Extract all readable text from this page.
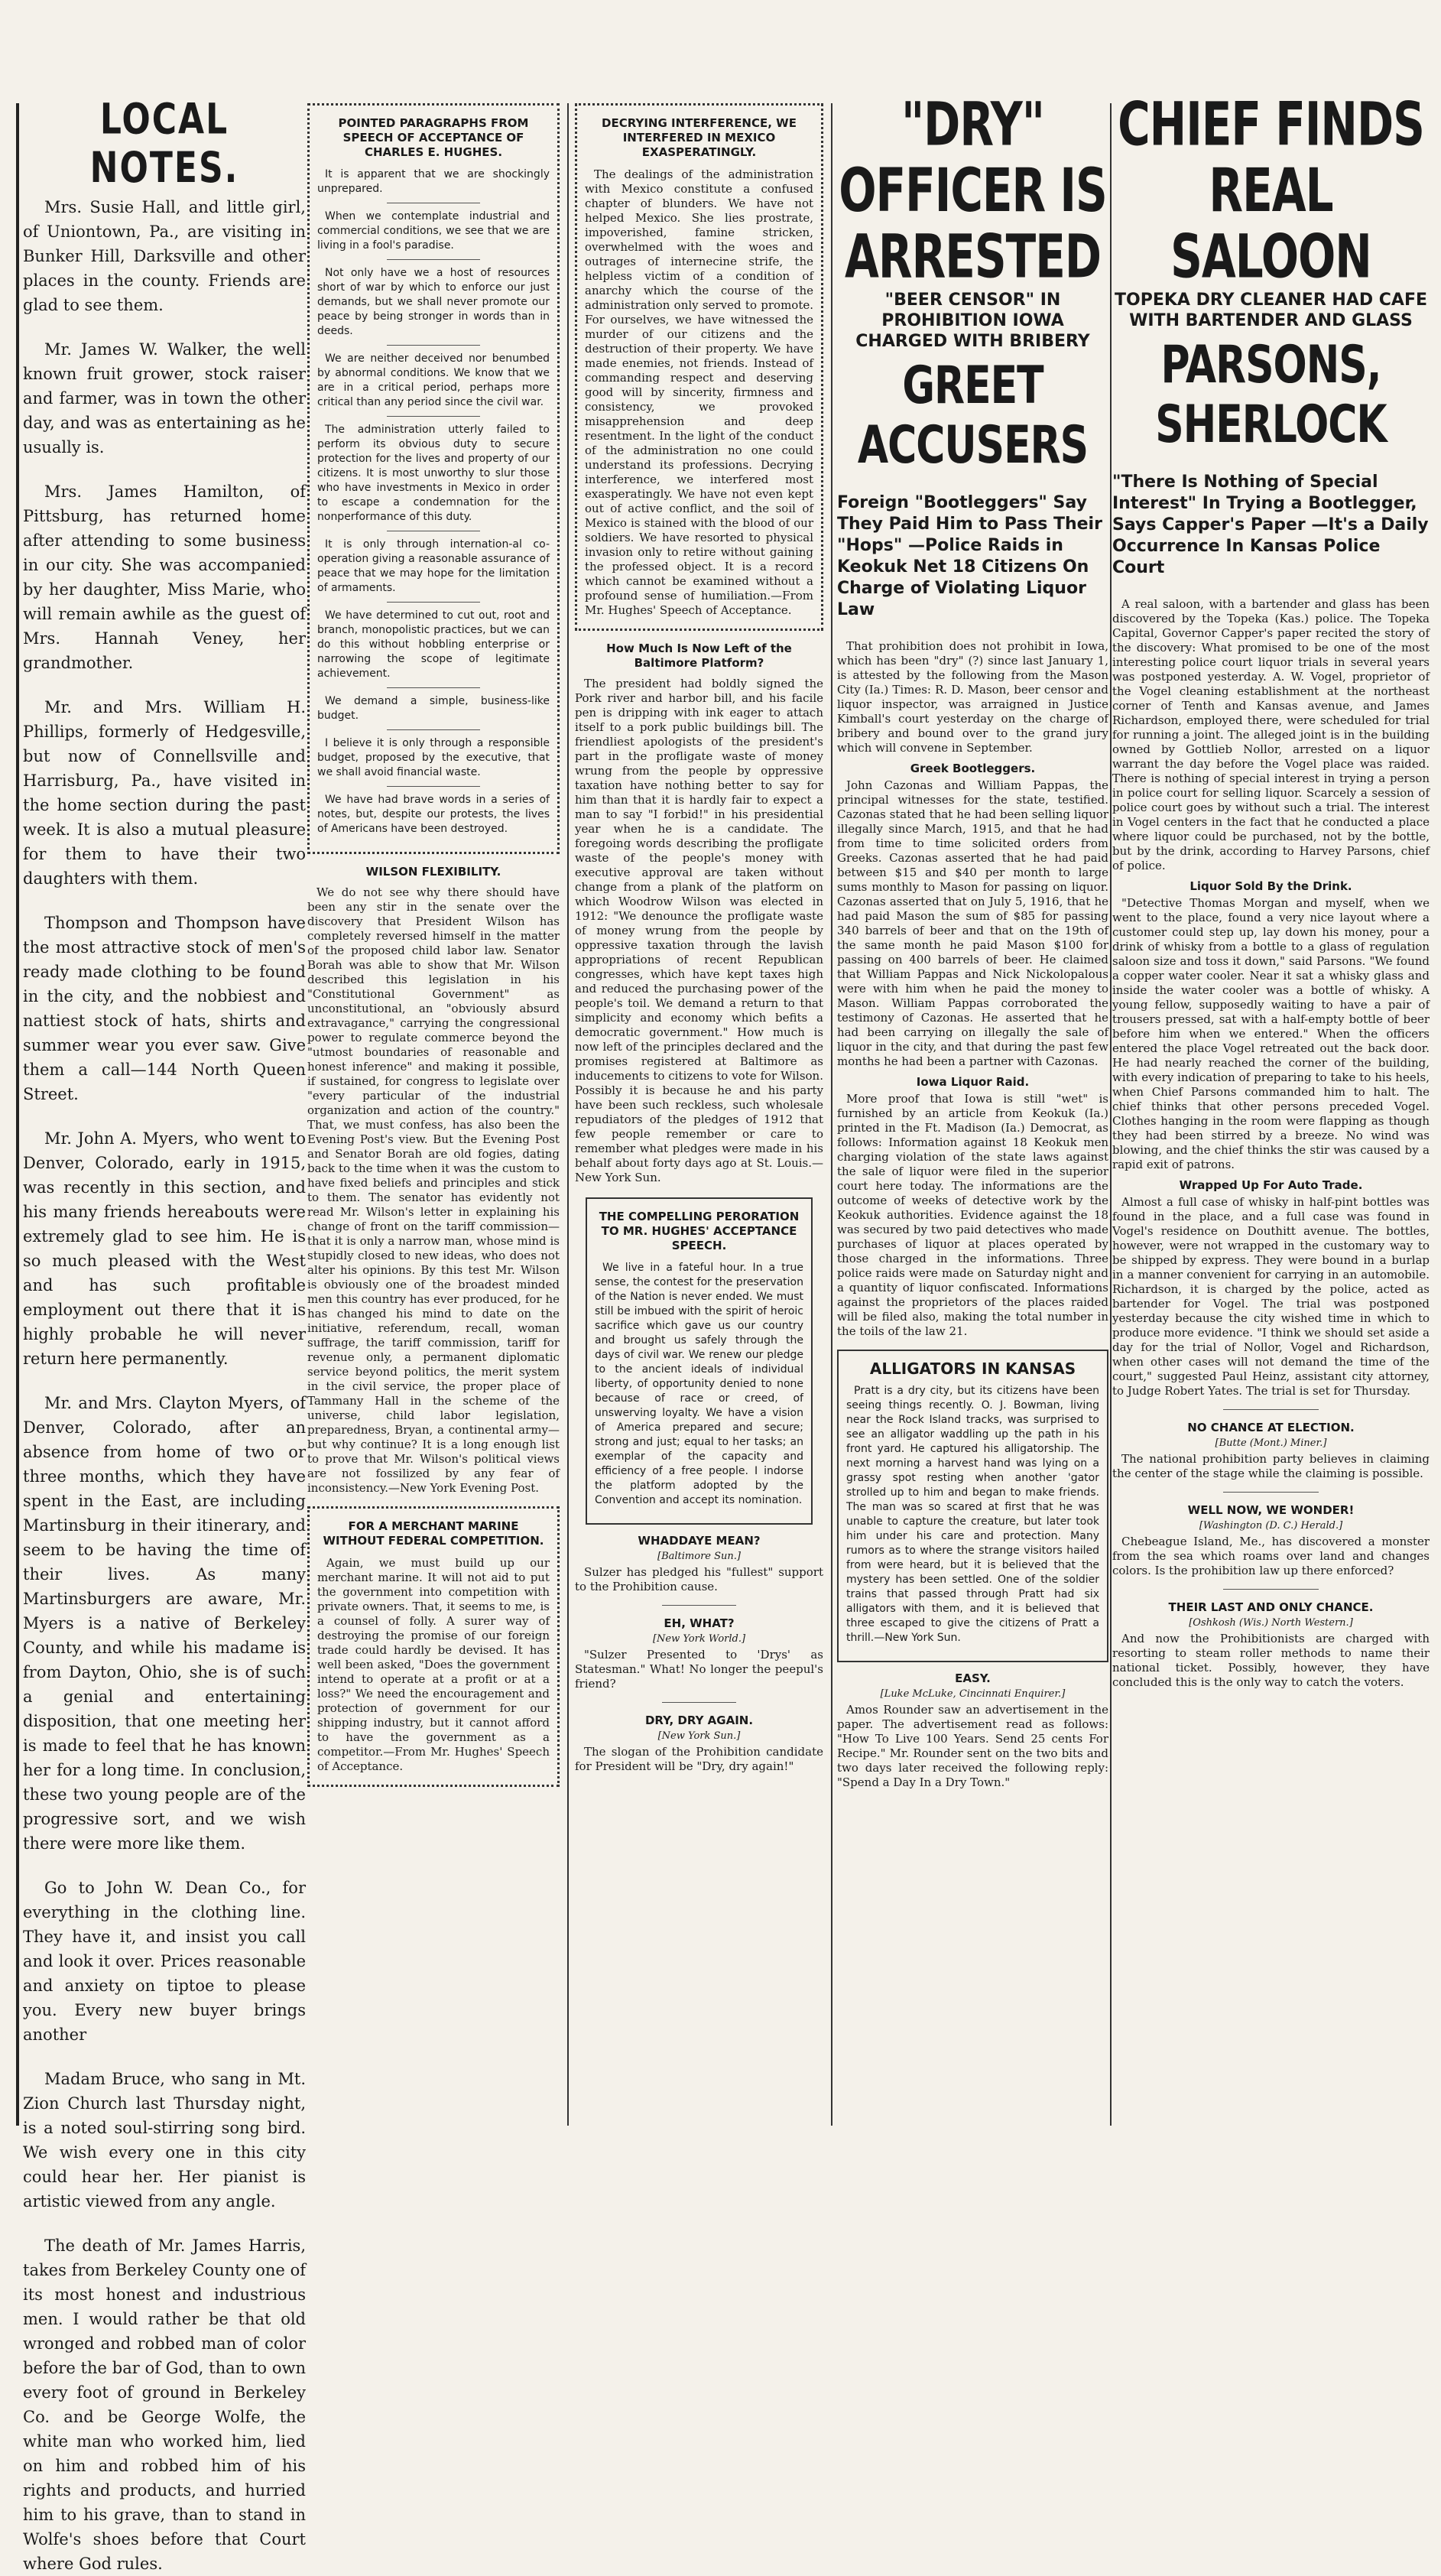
LOCAL NOTES.

Mrs. Susie Hall, and little girl, of Uniontown, Pa., are visiting in Bunker Hill, Darksville and other places in the county. Friends are glad to see them.

Mr. James W. Walker, the well known fruit grower, stock raiser and farmer, was in town the other day, and was as entertaining as he usually is.

Mrs. James Hamilton, of Pittsburg, has returned home after attending to some business in our city. She was accompanied by her daughter, Miss Marie, who will remain awhile as the guest of Mrs. Hannah Veney, her grandmother.

Mr. and Mrs. William H. Phillips, formerly of Hedgesville, but now of Connellsville and Harrisburg, Pa., have visited in the home section during the past week. It is also a mutual pleasure for them to have their two daughters with them.

Thompson and Thompson have the most attractive stock of men's ready made clothing to be found in the city, and the nobbiest and nattiest stock of hats, shirts and summer wear you ever saw. Give them a call—144 North Queen Street.

Mr. John A. Myers, who went to Denver, Colorado, early in 1915, was recently in this section, and his many friends hereabouts were extremely glad to see him. He is so much pleased with the West and has such profitable employment out there that it is highly probable he will never return here permanently.

Mr. and Mrs. Clayton Myers, of Denver, Colorado, after an absence from home of two or three months, which they have spent in the East, are including Martinsburg in their itinerary, and seem to be having the time of their lives. As many Martinsburgers are aware, Mr. Myers is a native of Berkeley County, and while his madame is from Dayton, Ohio, she is of such a genial and entertaining disposition, that one meeting her is made to feel that he has known her for a long time. In conclusion, these two young people are of the progressive sort, and we wish there were more like them.

Go to John W. Dean Co., for everything in the clothing line. They have it, and insist you call and look it over. Prices reasonable and anxiety on tiptoe to please you. Every new buyer brings another

Madam Bruce, who sang in Mt. Zion Church last Thursday night, is a noted soul-stirring song bird. We wish every one in this city could hear her. Her pianist is artistic viewed from any angle.

The death of Mr. James Harris, takes from Berkeley County one of its most honest and industrious men. I would rather be that old wronged and robbed man of color before the bar of God, than to own every foot of ground in Berkeley Co. and be George Wolfe, the white man who worked him, lied on him and robbed him of his rights and products, and hurried him to his grave, than to stand in Wolfe's shoes before that Court where God rules.

POINTED PARAGRAPHS FROM SPEECH OF ACCEPTANCE OF CHARLES E. HUGHES.

It is apparent that we are shockingly unprepared.

When we contemplate industrial and commercial conditions, we see that we are living in a fool's paradise.

Not only have we a host of resources short of war by which to enforce our just demands, but we shall never promote our peace by being stronger in words than in deeds.

We are neither deceived nor benumbed by abnormal conditions. We know that we are in a critical period, perhaps more critical than any period since the civil war.

The administration utterly failed to perform its obvious duty to secure protection for the lives and property of our citizens. It is most unworthy to slur those who have investments in Mexico in order to escape a condemnation for the nonperformance of this duty.

It is only through internation-al co-operation giving a reasonable assurance of peace that we may hope for the limitation of armaments.

We have determined to cut out, root and branch, monopolistic practices, but we can do this without hobbling enterprise or narrowing the scope of legitimate achievement.

We demand a simple, business-like budget.

I believe it is only through a responsible budget, proposed by the executive, that we shall avoid financial waste.

We have had brave words in a series of notes, but, despite our protests, the lives of Americans have been destroyed.

WILSON FLEXIBILITY.

We do not see why there should have been any stir in the senate over the discovery that President Wilson has completely reversed himself in the matter of the proposed child labor law. Senator Borah was able to show that Mr. Wilson described this legislation in his "Constitutional Government" as unconstitutional, an "obviously absurd extravagance," carrying the congressional power to regulate commerce beyond the "utmost boundaries of reasonable and honest inference" and making it possible, if sustained, for congress to legislate over "every particular of the industrial organization and action of the country." That, we must confess, has also been the Evening Post's view. But the Evening Post and Senator Borah are old fogies, dating back to the time when it was the custom to have fixed beliefs and principles and stick to them. The senator has evidently not read Mr. Wilson's letter in explaining his change of front on the tariff commission—that it is only a narrow man, whose mind is stupidly closed to new ideas, who does not alter his opinions. By this test Mr. Wilson is obviously one of the broadest minded men this country has ever produced, for he has changed his mind to date on the initiative, referendum, recall, woman suffrage, the tariff commission, tariff for revenue only, a permanent diplomatic service beyond politics, the merit system in the civil service, the proper place of Tammany Hall in the scheme of the universe, child labor legislation, preparedness, Bryan, a continental army—but why continue? It is a long enough list to prove that Mr. Wilson's political views are not fossilized by any fear of inconsistency.—New York Evening Post.

FOR A MERCHANT MARINE WITHOUT FEDERAL COMPETITION.

Again, we must build up our merchant marine. It will not aid to put the government into competition with private owners. That, it seems to me, is a counsel of folly. A surer way of destroying the promise of our foreign trade could hardly be devised. It has well been asked, "Does the government intend to operate at a profit or at a loss?" We need the encouragement and protection of government for our shipping industry, but it cannot afford to have the government as a competitor.—From Mr. Hughes' Speech of Acceptance.

DECRYING INTERFERENCE, WE INTERFERED IN MEXICO EXASPERATINGLY.

The dealings of the administration with Mexico constitute a confused chapter of blunders. We have not helped Mexico. She lies prostrate, impoverished, famine stricken, overwhelmed with the woes and outrages of internecine strife, the helpless victim of a condition of anarchy which the course of the administration only served to promote. For ourselves, we have witnessed the murder of our citizens and the destruction of their property. We have made enemies, not friends. Instead of commanding respect and deserving good will by sincerity, firmness and consistency, we provoked misapprehension and deep resentment. In the light of the conduct of the administration no one could understand its professions. Decrying interference, we interfered most exasperatingly. We have not even kept out of active conflict, and the soil of Mexico is stained with the blood of our soldiers. We have resorted to physical invasion only to retire without gaining the professed object. It is a record which cannot be examined without a profound sense of humiliation.—From Mr. Hughes' Speech of Acceptance.

How Much Is Now Left of the Baltimore Platform?

The president had boldly signed the Pork river and harbor bill, and his facile pen is dripping with ink eager to attach itself to a pork public buildings bill. The friendliest apologists of the president's part in the profligate waste of money wrung from the people by oppressive taxation have nothing better to say for him than that it is hardly fair to expect a man to say "I forbid!" in his presidential year when he is a candidate. The foregoing words describing the profligate waste of the people's money with executive approval are taken without change from a plank of the platform on which Woodrow Wilson was elected in 1912: "We denounce the profligate waste of money wrung from the people by oppressive taxation through the lavish appropriations of recent Republican congresses, which have kept taxes high and reduced the purchasing power of the people's toil. We demand a return to that simplicity and economy which befits a democratic government." How much is now left of the principles declared and the promises registered at Baltimore as inducements to citizens to vote for Wilson. Possibly it is because he and his party have been such reckless, such wholesale repudiators of the pledges of 1912 that few people remember or care to remember what pledges were made in his behalf about forty days ago at St. Louis.—New York Sun.

THE COMPELLING PERORATION TO MR. HUGHES' ACCEPTANCE SPEECH.

We live in a fateful hour. In a true sense, the contest for the preservation of the Nation is never ended. We must still be imbued with the spirit of heroic sacrifice which gave us our country and brought us safely through the days of civil war. We renew our pledge to the ancient ideals of individual liberty, of opportunity denied to none because of race or creed, of unswerving loyalty. We have a vision of America prepared and secure; strong and just; equal to her tasks; an exemplar of the capacity and efficiency of a free people. I indorse the platform adopted by the Convention and accept its nomination.

WHADDAYE MEAN?

[Baltimore Sun.]

Sulzer has pledged his "fullest" support to the Prohibition cause.

EH, WHAT?

[New York World.]

"Sulzer Presented to 'Drys' as Statesman." What! No longer the peepul's friend?

DRY, DRY AGAIN.

[New York Sun.]

The slogan of the Prohibition candidate for President will be "Dry, dry again!"

"DRY" OFFICER IS ARRESTED
"BEER CENSOR" IN PROHIBITION IOWA CHARGED WITH BRIBERY
GREET ACCUSERS
Foreign "Bootleggers" Say They Paid Him to Pass Their "Hops" —Police Raids in Keokuk Net 18 Citizens On Charge of Violating Liquor Law

That prohibition does not prohibit in Iowa, which has been "dry" (?) since last January 1, is attested by the following from the Mason City (Ia.) Times: R. D. Mason, beer censor and liquor inspector, was arraigned in Justice Kimball's court yesterday on the charge of bribery and bound over to the grand jury which will convene in September.

Greek Bootleggers.

John Cazonas and William Pappas, the principal witnesses for the state, testified. Cazonas stated that he had been selling liquor illegally since March, 1915, and that he had from time to time solicited orders from Greeks. Cazonas asserted that he had paid between $15 and $40 per month to large sums monthly to Mason for passing on liquor. Cazonas asserted that on July 5, 1916, that he had paid Mason the sum of $85 for passing 340 barrels of beer and that on the 19th of the same month he paid Mason $100 for passing on 400 barrels of beer. He claimed that William Pappas and Nick Nickolopalous were with him when he paid the money to Mason. William Pappas corroborated the testimony of Cazonas. He asserted that he had been carrying on illegally the sale of liquor in the city, and that during the past few months he had been a partner with Cazonas.

Iowa Liquor Raid.

More proof that Iowa is still "wet" is furnished by an article from Keokuk (Ia.) printed in the Ft. Madison (Ia.) Democrat, as follows: Information against 18 Keokuk men charging violation of the state laws against the sale of liquor were filed in the superior court here today. The informations are the outcome of weeks of detective work by the Keokuk authorities. Evidence against the 18 was secured by two paid detectives who made purchases of liquor at places operated by those charged in the informations. Three police raids were made on Saturday night and a quantity of liquor confiscated. Informations against the proprietors of the places raided will be filed also, making the total number in the toils of the law 21.

ALLIGATORS IN KANSAS

Pratt is a dry city, but its citizens have been seeing things recently. O. J. Bowman, living near the Rock Island tracks, was surprised to see an alligator waddling up the path in his front yard. He captured his alligatorship. The next morning a harvest hand was lying on a grassy spot resting when another 'gator strolled up to him and began to make friends. The man was so scared at first that he was unable to capture the creature, but later took him under his care and protection. Many rumors as to where the strange visitors hailed from were heard, but it is believed that the mystery has been settled. One of the soldier trains that passed through Pratt had six alligators with them, and it is believed that three escaped to give the citizens of Pratt a thrill.—New York Sun.

EASY.

[Luke McLuke, Cincinnati Enquirer.]

Amos Rounder saw an advertisement in the paper. The advertisement read as follows: "How To Live 100 Years. Send 25 cents For Recipe." Mr. Rounder sent on the two bits and two days later received the following reply: "Spend a Day In a Dry Town."

CHIEF FINDS REAL SALOON
TOPEKA DRY CLEANER HAD CAFE WITH BARTENDER AND GLASS
PARSONS, SHERLOCK
"There Is Nothing of Special Interest" In Trying a Bootlegger, Says Capper's Paper —It's a Daily Occurrence In Kansas Police Court

A real saloon, with a bartender and glass has been discovered by the Topeka (Kas.) police. The Topeka Capital, Governor Capper's paper recited the story of the discovery: What promised to be one of the most interesting police court liquor trials in several years was postponed yesterday. A. W. Vogel, proprietor of the Vogel cleaning establishment at the northeast corner of Tenth and Kansas avenue, and James Richardson, employed there, were scheduled for trial for running a joint. The alleged joint is in the building owned by Gottlieb Nollor, arrested on a liquor warrant the day before the Vogel place was raided. There is nothing of special interest in trying a person in police court for selling liquor. Scarcely a session of police court goes by without such a trial. The interest in Vogel centers in the fact that he conducted a place where liquor could be purchased, not by the bottle, but by the drink, according to Harvey Parsons, chief of police.

Liquor Sold By the Drink.

"Detective Thomas Morgan and myself, when we went to the place, found a very nice layout where a customer could step up, lay down his money, pour a drink of whisky from a bottle to a glass of regulation saloon size and toss it down," said Parsons. "We found a copper water cooler. Near it sat a whisky glass and inside the water cooler was a bottle of whisky. A young fellow, supposedly waiting to have a pair of trousers pressed, sat with a half-empty bottle of beer before him when we entered." When the officers entered the place Vogel retreated out the back door. He had nearly reached the corner of the building, with every indication of preparing to take to his heels, when Chief Parsons commanded him to halt. The chief thinks that other persons preceded Vogel. Clothes hanging in the room were flapping as though they had been stirred by a breeze. No wind was blowing, and the chief thinks the stir was caused by a rapid exit of patrons.

Wrapped Up For Auto Trade.

Almost a full case of whisky in half-pint bottles was found in the place, and a full case was found in Vogel's residence on Douthitt avenue. The bottles, however, were not wrapped in the customary way to be shipped by express. They were bound in a burlap in a manner convenient for carrying in an automobile. Richardson, it is charged by the police, acted as bartender for Vogel. The trial was postponed yesterday because the city wished time in which to produce more evidence. "I think we should set aside a day for the trial of Nollor, Vogel and Richardson, when other cases will not demand the time of the court," suggested Paul Heinz, assistant city attorney, to Judge Robert Yates. The trial is set for Thursday.

NO CHANCE AT ELECTION.

[Butte (Mont.) Miner.]

The national prohibition party believes in claiming the center of the stage while the claiming is possible.

WELL NOW, WE WONDER!

[Washington (D. C.) Herald.]

Chebeague Island, Me., has discovered a monster from the sea which roams over land and changes colors. Is the prohibition law up there enforced?

THEIR LAST AND ONLY CHANCE.

[Oshkosh (Wis.) North Western.]

And now the Prohibitionists are charged with resorting to steam roller methods to name their national ticket. Possibly, however, they have concluded this is the only way to catch the voters.
